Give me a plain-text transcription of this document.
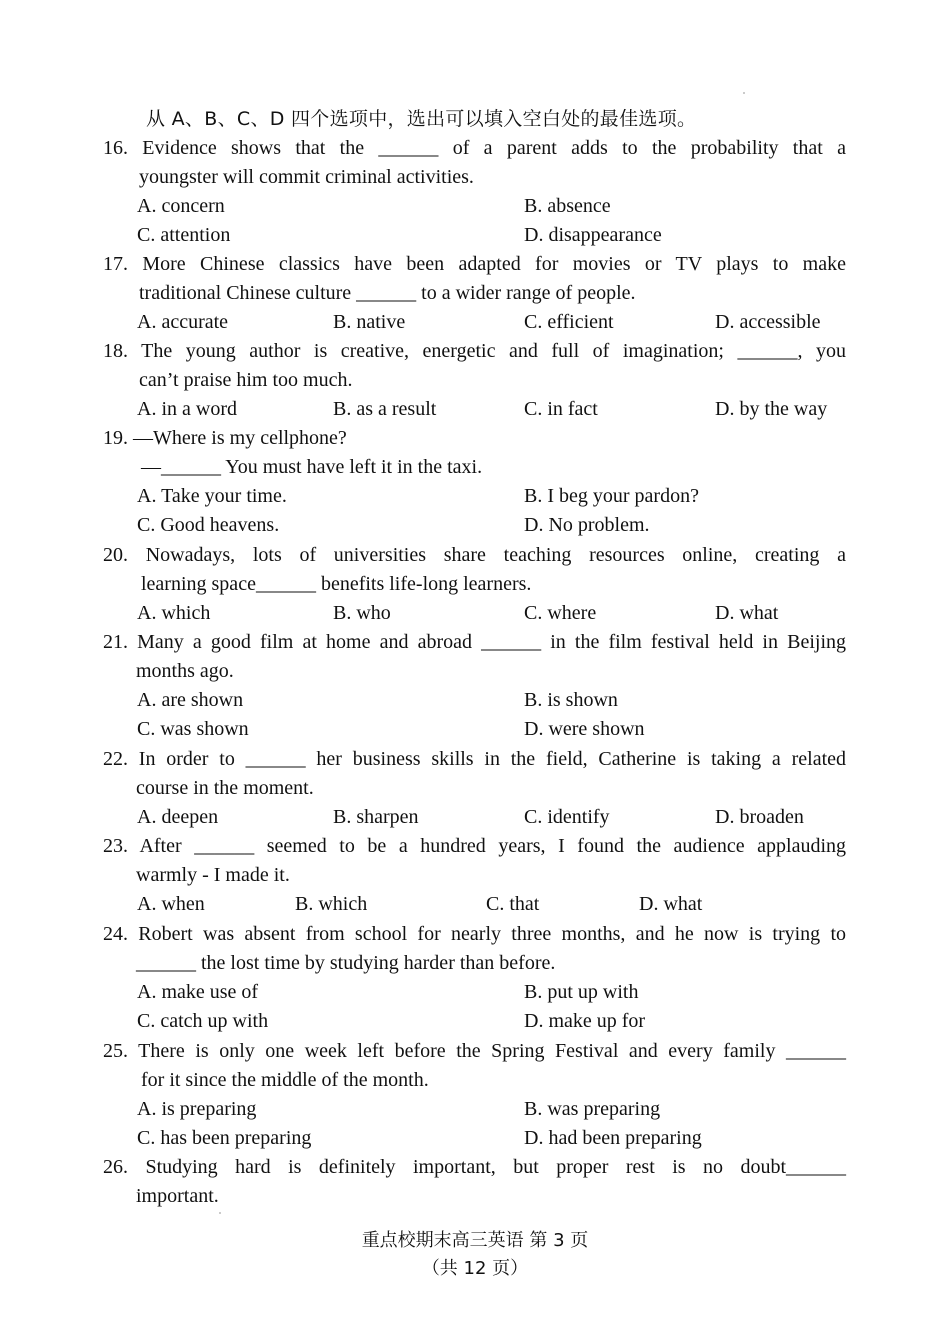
从 A、B、C、D 四个选项中，选出可以填入空白处的最佳选项。
16. Evidence shows that the ______ of a parent adds to the probability that a
youngster will commit criminal activities.
A. concern	B. absence
C. attention	D. disappearance
17. More Chinese classics have been adapted for movies or TV plays to make
traditional Chinese culture ______ to a wider range of people.
A. accurate	B. native	C. efficient	D. accessible
18. The young author is creative, energetic and full of imagination; ______, you
can’t praise him too much.
A. in a word	B. as a result	C. in fact	D. by the way
19. —Where is my cellphone?
—______ You must have left it in the taxi.
A. Take your time.	B. I beg your pardon?
C. Good heavens.	D. No problem.
20. Nowadays, lots of universities share teaching resources online, creating a
learning space______ benefits life-long learners.
A. which	B. who	C. where	D. what
21. Many a good film at home and abroad ______ in the film festival held in Beijing
months ago.
A. are shown	B. is shown
C. was shown	D. were shown
22. In order to ______ her business skills in the field, Catherine is taking a related
course in the moment.
A. deepen	B. sharpen	C. identify	D. broaden
23. After ______ seemed to be a hundred years, I found the audience applauding
warmly - I made it.
A. when	B. which	C. that	D. what
24. Robert was absent from school for nearly three months, and he now is trying to
______ the lost time by studying harder than before.
A. make use of	B. put up with
C. catch up with	D. make up for
25. There is only one week left before the Spring Festival and every family ______
for it since the middle of the month.
A. is preparing	B. was preparing
C. has been preparing	D. had been preparing
26. Studying hard is definitely important, but proper rest is no doubt______
important.
重点校期末高三英语 第 3 页
（共 12 页）
